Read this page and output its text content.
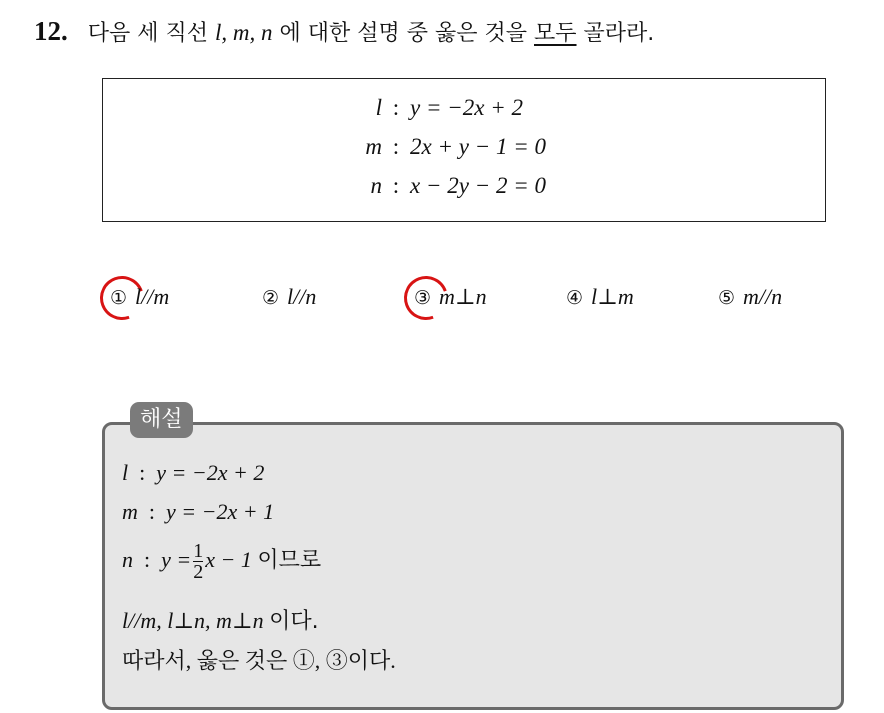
12. 다음 세 직선 l, m, n 에 대한 설명 중 옳은 것을 모두 골라라.
l : y = −2x + 2
m : 2x + y − 1 = 0
n : x − 2y − 2 = 0
① l//m	② l//n	③ m⊥n	④ l⊥m	⑤ m//n
해설
l : y = −2x + 2
m : y = −2x + 1
n : $y = \frac{1}{2}$ x − 1 이므로
l//m, l⊥n, m⊥n 이다.
따라서, 옳은 것은 ①, ③이다.
